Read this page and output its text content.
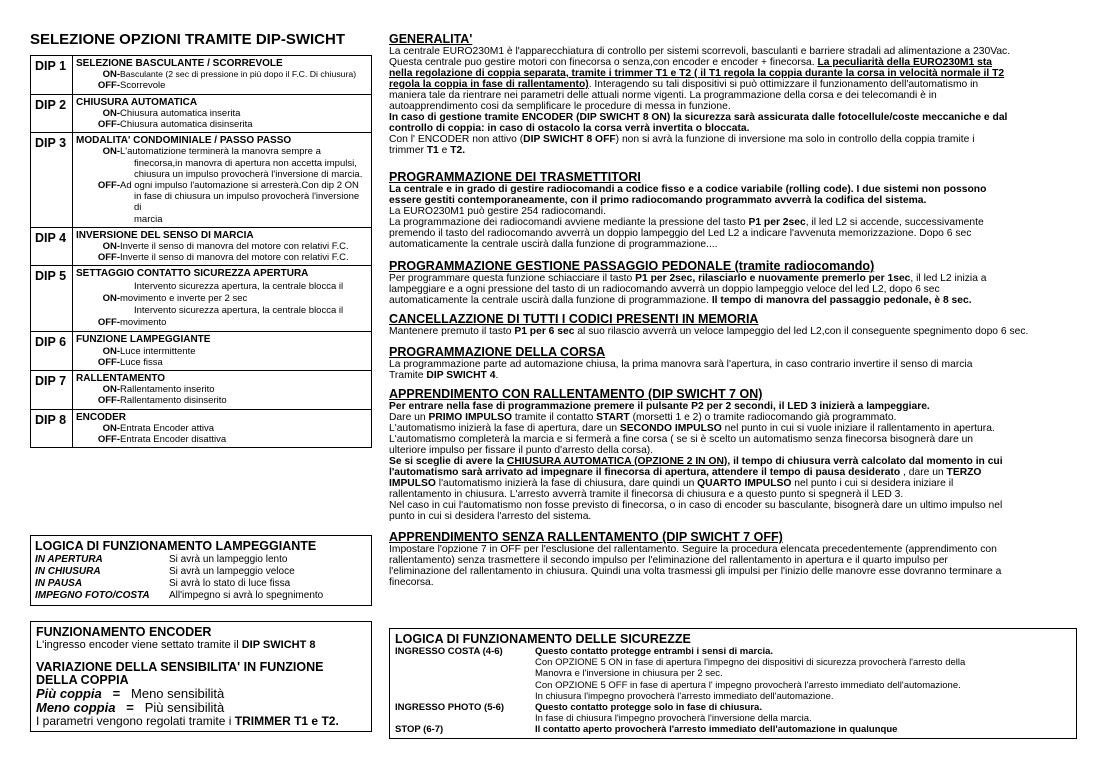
SELEZIONE OPZIONI TRAMITE DIP-SWICHT
DIP 1 SELEZIONE BASCULANTE / SCORREVOLE
ON- Basculante (2 sec di pressione in più dopo il F.C. Di chiusura)
OFF- Scorrevole
DIP 2 CHIUSURA AUTOMATICA
ON- Chiusura automatica inserita
OFF- Chiusura automatica disinserita
DIP 3 MODALITA' CONDOMINIALE / PASSO PASSO
ON- L'automatizione terminerà la manovra sempre a
finecorsa,in manovra di apertura non accetta impulsi,
chiusura un impulso provocherà l'inversione di marcia.
OFF- Ad ogni impulso l'automazione si arresterà.Con dip 2 ON
in fase di chiusura un impulso provocherà l'inversione di
marcia
DIP 4 INVERSIONE DEL SENSO DI MARCIA
ON- Inverte il senso di manovra del motore con relativi F.C.
OFF- Inverte il senso di manovra del motore con relativi F.C.
DIP 5 SETTAGGIO CONTATTO SICUREZZA APERTURA
Intervento sicurezza apertura, la centrale blocca il
ON- movimento e inverte per 2 sec
Intervento sicurezza apertura, la centrale blocca il
OFF- movimento
DIP 6 FUNZIONE LAMPEGGIANTE
ON- Luce intermittente
OFF- Luce fissa
DIP 7 RALLENTAMENTO
ON- Rallentamento inserito
OFF- Rallentamento disinserito
DIP 8 ENCODER
ON- Entrata Encoder attiva
OFF- Entrata Encoder disattiva
LOGICA DI FUNZIONAMENTO LAMPEGGIANTE
IN APERTURA	Si avrà un lampeggio lento
IN CHIUSURA	Si avrà un lampeggio veloce
IN PAUSA	Si avrà lo stato di luce fissa
IMPEGNO FOTO/COSTA	All'impegno si avrà lo spegnimento
FUNZIONAMENTO ENCODER
L'ingresso encoder viene settato tramite il DIP SWICHT 8
VARIAZIONE DELLA SENSIBILITA' IN FUNZIONE
DELLA COPPIA
Più coppia = Meno sensibilità
Meno coppia = Più sensibilità
I parametri vengono regolati tramite i TRIMMER T1 e T2.
GENERALITA'
La centrale EURO230M1 è l'apparecchiatura di controllo per sistemi scorrevoli, basculanti e barriere stradali ad alimentazione a 230Vac.
Questa centrale puo gestire motori con finecorsa o senza,con encoder e encoder + finecorsa. La peculiarità della EURO230M1 sta
nella regolazione di coppia separata, tramite i trimmer T1 e T2 ( il T1 regola la coppia durante la corsa in velocità normale il T2
regola la coppia in fase di rallentamento). Interagendo su tali dispositivi si può ottimizzare il funzionamento dell'automatismo in
maniera tale da rientrare nei parametri delle attuali norme vigenti. La programmazione della corsa e dei telecomandi è in
autoapprendimento cosi da semplificare le procedure di messa in funzione.
In caso di gestione tramite ENCODER (DIP SWICHT 8 ON) la sicurezza sarà assicurata dalle fotocellule/coste meccaniche e dal
controllo di coppia: in caso di ostacolo la corsa verrà invertita o bloccata.
Con l' ENCODER non attivo (DIP SWICHT 8 OFF) non si avrà la funzione di inversione ma solo in controllo della coppia tramite i
trimmer T1 e T2.
PROGRAMMAZIONE DEI TRASMETTITORI
La centrale e in grado di gestire radiocomandi a codice fisso e a codice variabile (rolling code). I due sistemi non possono
essere gestiti contemporaneamente, con il primo radiocomando programmato avverrà la codifica del sistema.
La EURO230M1 può gestire 254 radiocomandi.
La programmazione dei radiocomandi avviene mediante la pressione del tasto P1 per 2sec, il led L2 si accende, successivamente
premendo il tasto del radiocomando avverrà un doppio lampeggio del Led L2 a indicare l'avvenuta memorizzazione. Dopo 6 sec
automaticamente la centrale uscirà dalla funzione di programmazione....
PROGRAMMAZIONE GESTIONE PASSAGGIO PEDONALE (tramite radiocomando)
Per programmare questa funzione schiacciare il tasto P1 per 2sec, rilasciarlo e nuovamente premerlo per 1sec, il led L2 inizia a
lampeggiare e a ogni pressione del tasto di un radiocomando avverrà un doppio lampeggio veloce del led L2, dopo 6 sec
automaticamente la centrale uscirà dalla funzione di programmazione. Il tempo di manovra del passaggio pedonale, è 8 sec.
CANCELLAZZIONE DI TUTTI I CODICI PRESENTI IN MEMORIA
Mantenere premuto il tasto P1 per 6 sec al suo rilascio avverrà un veloce lampeggio del led L2,con il conseguente spegnimento dopo 6 sec.
PROGRAMMAZIONE DELLA CORSA
La programmazione parte ad automazione chiusa, la prima manovra sarà l'apertura, in caso contrario invertire il senso di marcia
Tramite DIP SWICHT 4.
APPRENDIMENTO CON RALLENTAMENTO (DIP SWICHT 7 ON)
Per entrare nella fase di programmazione premere il pulsante P2 per 2 secondi, il LED 3 inizierà a lampeggiare.
Dare un PRIMO IMPULSO tramite il contatto START (morsetti 1 e 2) o tramite radiocomando già programmato.
L'automatismo inizierà la fase di apertura, dare un SECONDO IMPULSO nel punto in cui si vuole iniziare il rallentamento in apertura.
L'automatismo completerà la marcia e si fermerà a fine corsa ( se si è scelto un automatismo senza finecorsa bisognerà dare un
ulteriore impulso per fissare il punto d'arresto della corsa).
Se si sceglie di avere la CHIUSURA AUTOMATICA (OPZIONE 2 IN ON), il tempo di chiusura verrà calcolato dal momento in cui
l'automatismo sarà arrivato ad impegnare il finecorsa di apertura, attendere il tempo di pausa desiderato , dare un TERZO
IMPULSO l'automatismo inizierà la fase di chiusura, dare quindi un QUARTO IMPULSO nel punto i cui si desidera iniziare il
rallentamento in chiusura. L'arresto avverrà tramite il finecorsa di chiusura e a questo punto si spegnerà il LED 3.
Nel caso in cui l'automatismo non fosse previsto di finecorsa, o in caso di encoder su basculante, bisognerà dare un ultimo impulso nel
punto in cui si desidera l'arresto del sistema.
APPRENDIMENTO SENZA RALLENTAMENTO (DIP SWICHT 7 OFF)
Impostare l'opzione 7 in OFF per l'esclusione del rallentamento. Seguire la procedura elencata precedentemente (apprendimento con
rallentamento) senza trasmettere il secondo impulso per l'eliminazione del rallentamento in apertura e il quarto impulso per
l'eliminazione del rallentamento in chiusura. Quindi una volta trasmessi gli impulsi per l'inizio delle manovre esse dovranno terminare a
finecorsa.
LOGICA DI FUNZIONAMENTO DELLE SICUREZZE
INGRESSO COSTA (4-6)	Questo contatto protegge entrambi i sensi di marcia.
Con OPZIONE 5 ON in fase di apertura l'impegno dei dispositivi di sicurezza provocherà l'arresto della
Manovra e l'inversione in chiusura per 2 sec.
Con OPZIONE 5 OFF in fase di apertura l' impegno provocherà l'arresto immediato dell'automazione.
In chiusura l'impegno provocherà l'arresto immediato dell'automazione.
INGRESSO PHOTO (5-6)	Questo contatto protegge solo in fase di chiusura.
In fase di chiusura l'impegno provocherà l'inversione della marcia.
STOP (6-7)	Il contatto aperto provocherà l'arresto immediato dell'automazione in qualunque
